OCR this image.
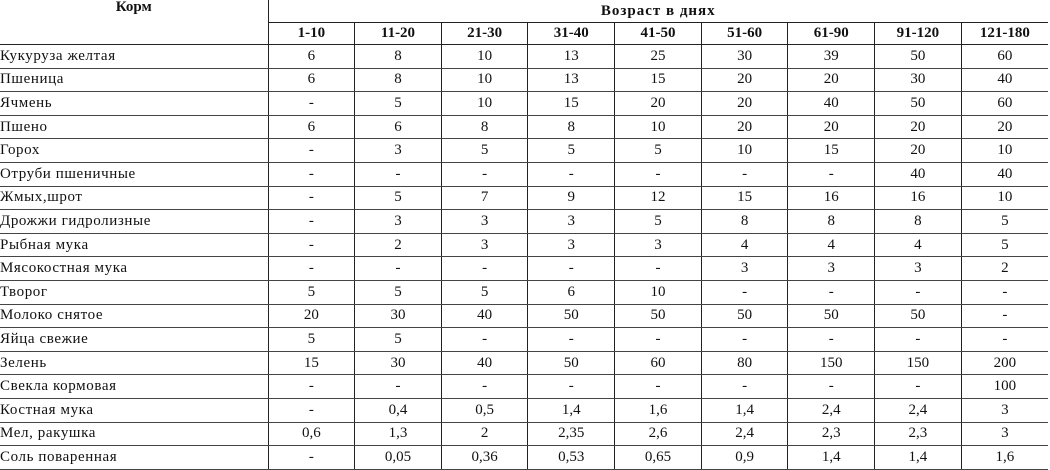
Корм	Возраст в днях								
	1-10	11-20	21-30	31-40	41-50	51-60	61-90	91-120	121-180
Кукуруза желтая	6	8	10	13	25	30	39	50	60
Пшеница	6	8	10	13	15	20	20	30	40
Ячмень	-	5	10	15	20	20	40	50	60
Пшено	6	6	8	8	10	20	20	20	20
Горох	-	3	5	5	5	10	15	20	10
Отруби пшеничные	-	-	-	-	-	-	-	40	40
Жмых,шрот	-	5	7	9	12	15	16	16	10
Дрожжи гидролизные	-	3	3	3	5	8	8	8	5
Рыбная мука	-	2	3	3	3	4	4	4	5
Мясокостная мука	-	-	-	-	-	3	3	3	2
Творог	5	5	5	6	10	-	-	-	-
Молоко снятое	20	30	40	50	50	50	50	50	-
Яйца свежие	5	5	-	-	-	-	-	-	-
Зелень	15	30	40	50	60	80	150	150	200
Свекла кормовая	-	-	-	-	-	-	-	-	100
Костная мука	-	0,4	0,5	1,4	1,6	1,4	2,4	2,4	3
Мел, ракушка	0,6	1,3	2	2,35	2,6	2,4	2,3	2,3	3
Соль поваренная	-	0,05	0,36	0,53	0,65	0,9	1,4	1,4	1,6
